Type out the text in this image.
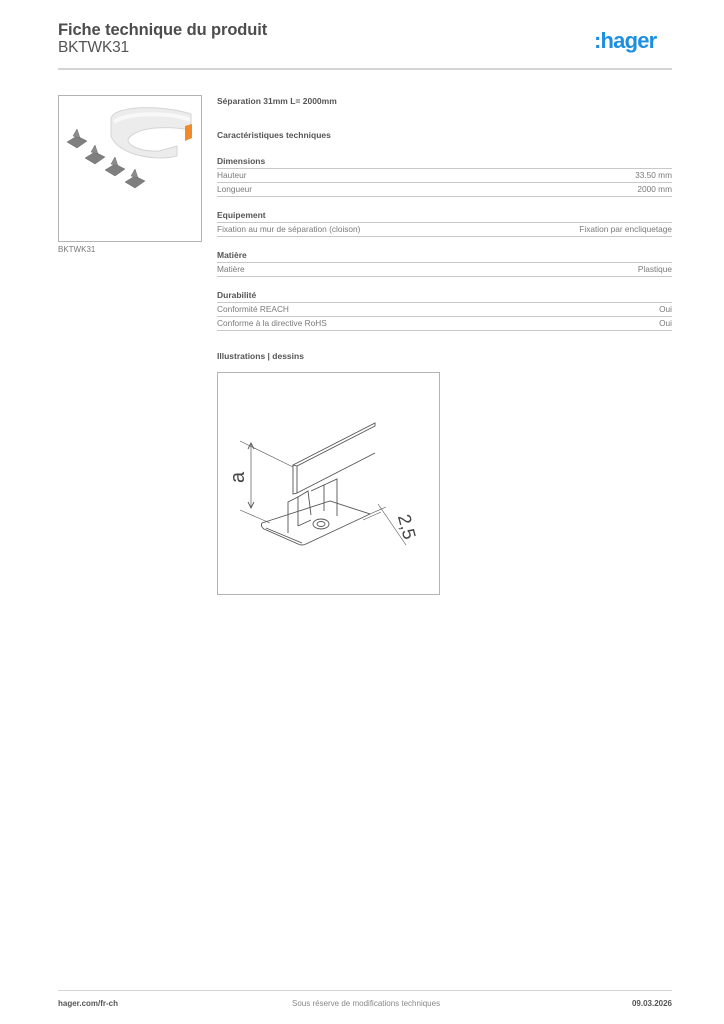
Fiche technique du produit
BKTWK31	:hager
BKTWK31
Séparation 31mm L= 2000mm
Caractéristiques techniques
Dimensions
Hauteur	33.50 mm
Longueur	2000 mm
Equipement
Fixation au mur de séparation (cloison)	Fixation par encliquetage
Matière
Matière	Plastique
Durabilité
Conformité REACH	Oui
Conforme à la directive RoHS	Oui
Illustrations | dessins
a
2,5
hager.com/fr-ch	Sous réserve de modifications techniques	09.03.2026
